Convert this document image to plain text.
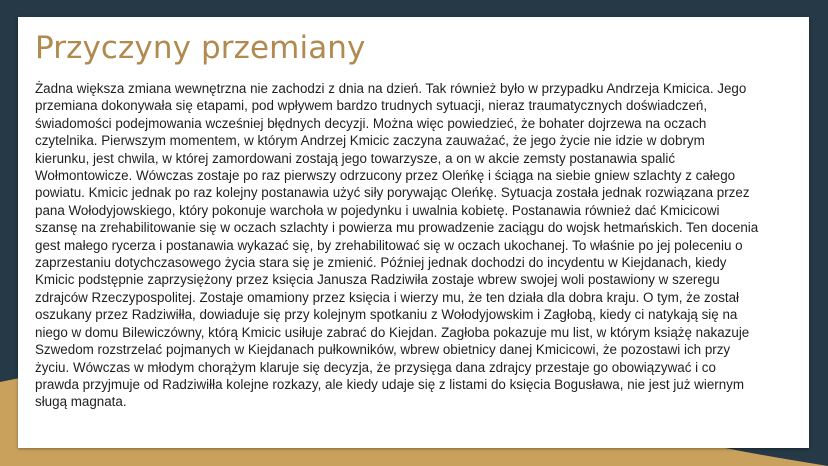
Przyczyny przemiany

Żadna większa zmiana wewnętrzna nie zachodzi z dnia na dzień. Tak również było w przypadku Andrzeja Kmicica. Jego
przemiana dokonywała się etapami, pod wpływem bardzo trudnych sytuacji, nieraz traumatycznych doświadczeń,
świadomości podejmowania wcześniej błędnych decyzji. Można więc powiedzieć, że bohater dojrzewa na oczach
czytelnika. Pierwszym momentem, w którym Andrzej Kmicic zaczyna zauważać, że jego życie nie idzie w dobrym
kierunku, jest chwila, w której zamordowani zostają jego towarzysze, a on w akcie zemsty postanawia spalić
Wołmontowicze. Wówczas zostaje po raz pierwszy odrzucony przez Oleńkę i ściąga na siebie gniew szlachty z całego
powiatu. Kmicic jednak po raz kolejny postanawia użyć siły porywając Oleńkę. Sytuacja została jednak rozwiązana przez
pana Wołodyjowskiego, który pokonuje warchoła w pojedynku i uwalnia kobietę. Postanawia również dać Kmicicowi
szansę na zrehabilitowanie się w oczach szlachty i powierza mu prowadzenie zaciągu do wojsk hetmańskich. Ten docenia
gest małego rycerza i postanawia wykazać się, by zrehabilitować się w oczach ukochanej. To właśnie po jej poleceniu o
zaprzestaniu dotychczasowego życia stara się je zmienić. Później jednak dochodzi do incydentu w Kiejdanach, kiedy
Kmicic podstępnie zaprzysiężony przez księcia Janusza Radziwiła zostaje wbrew swojej woli postawiony w szeregu
zdrajców Rzeczypospolitej. Zostaje omamiony przez księcia i wierzy mu, że ten działa dla dobra kraju. O tym, że został
oszukany przez Radziwiłła, dowiaduje się przy kolejnym spotkaniu z Wołodyjowskim i Zagłobą, kiedy ci natykają się na
niego w domu Bilewiczówny, którą Kmicic usiłuje zabrać do Kiejdan. Zagłoba pokazuje mu list, w którym książę nakazuje
Szwedom rozstrzelać pojmanych w Kiejdanach pułkowników, wbrew obietnicy danej Kmicicowi, że pozostawi ich przy
życiu. Wówczas w młodym chorążym klaruje się decyzja, że przysięga dana zdrajcy przestaje go obowiązywać i co
prawda przyjmuje od Radziwiłła kolejne rozkazy, ale kiedy udaje się z listami do księcia Bogusława, nie jest już wiernym
sługą magnata.
